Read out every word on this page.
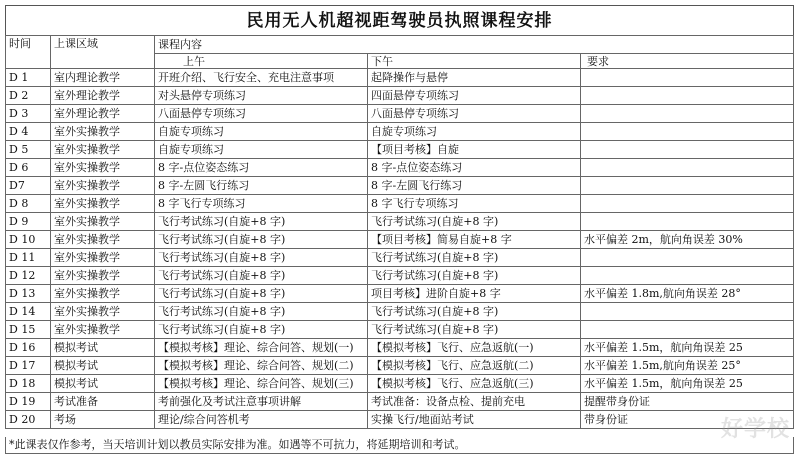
民用无人机超视距驾驶员执照课程安排
时间	上课区域	课程内容		
		上午	下午	要求
D 1	室内理论教学	开班介绍、飞行安全、充电注意事项	起降操作与悬停	
D 2	室外理论教学	对头悬停专项练习	四面悬停专项练习	
D 3	室外理论教学	八面悬停专项练习	八面悬停专项练习	
D 4	室外实操教学	自旋专项练习	自旋专项练习	
D 5	室外实操教学	自旋专项练习	【项目考核】自旋	
D 6	室外实操教学	8 字-点位姿态练习	8 字-点位姿态练习	
D7	室外实操教学	8 字-左圆飞行练习	8 字-左圆飞行练习	
D 8	室外实操教学	8 字飞行专项练习	8 字飞行专项练习	
D 9	室外实操教学	飞行考试练习(自旋+8 字)	飞行考试练习(自旋+8 字)	
D 10	室外实操教学	飞行考试练习(自旋+8 字)	【项目考核】简易自旋+8 字	水平偏差 2m，航向角误差 30%
D 11	室外实操教学	飞行考试练习(自旋+8 字)	飞行考试练习(自旋+8 字)	
D 12	室外实操教学	飞行考试练习(自旋+8 字)	飞行考试练习(自旋+8 字)	
D 13	室外实操教学	飞行考试练习(自旋+8 字)	项目考核】进阶自旋+8 字	水平偏差 1.8m,航向角误差 28°
D 14	室外实操教学	飞行考试练习(自旋+8 字)	飞行考试练习(自旋+8 字)	
D 15	室外实操教学	飞行考试练习(自旋+8 字)	飞行考试练习(自旋+8 字)	
D 16	模拟考试	【模拟考核】理论、综合问答、规划(一)	【模拟考核】飞行、应急返航(一)	水平偏差 1.5m，航向角误差 25
D 17	模拟考试	【模拟考核】理论、综合问答、规划(二)	【模拟考核】飞行、应急返航(二)	水平偏差 1.5m,航向角误差 25°
D 18	模拟考试	【模拟考核】理论、综合问答、规划(三)	【模拟考核】飞行、应急返航(三)	水平偏差 1.5m，航向角误差 25
D 19	考试准备	考前强化及考试注意事项讲解	考试准备：设备点检、提前充电	提醒带身份证
D 20	考场	理论/综合问答机考	实操飞行/地面站考试	带身份证
*此课表仅作参考，当天培训计划以教员实际安排为准。如遇等不可抗力，将延期培训和考试。
好学校
